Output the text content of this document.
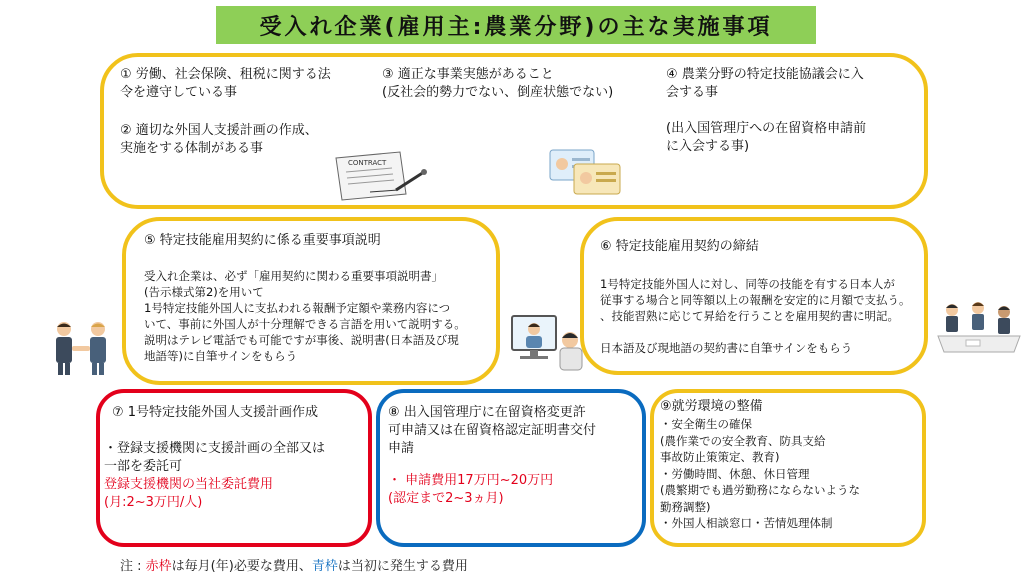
受入れ企業(雇用主:農業分野)の主な実施事項
① 労働、社会保険、租税に関する法
令を遵守している事
② 適切な外国人支援計画の作成、
実施をする体制がある事
③ 適正な事業実態があること
(反社会的勢力でない、倒産状態でない)
④ 農業分野の特定技能協議会に入
会する事
(出入国管理庁への在留資格申請前
に入会する事)
CONTRACT
⑤ 特定技能雇用契約に係る重要事項説明
受入れ企業は、必ず「雇用契約に関わる重要事項説明書」
(告示様式第2)を用いて
1号特定技能外国人に支払われる報酬予定額や業務内容につ
いて、事前に外国人が十分理解できる言語を用いて説明する。
説明はテレビ電話でも可能ですが事後、説明書(日本語及び現
地語等)に自筆サインをもらう
⑥ 特定技能雇用契約の締結
1号特定技能外国人に対し、同等の技能を有する日本人が
従事する場合と同等額以上の報酬を安定的に月額で支払う。
、技能習熟に応じて昇給を行うことを雇用契約書に明記。
日本語及び現地語の契約書に自筆サインをもらう
⑦ 1号特定技能外国人支援計画作成
・登録支援機関に支援計画の全部又は
一部を委託可
登録支援機関の当社委託費用
(月:2~3万円/人)
⑧ 出入国管理庁に在留資格変更許
可申請又は在留資格認定証明書交付
申請
・ 申請費用17万円~20万円
(認定まで2~3ヵ月)
⑨就労環境の整備
・安全衛生の確保
(農作業での安全教育、防具支給
事故防止策策定、教育)
・労働時間、休憩、休日管理
(農繁期でも過労勤務にならないような
勤務調整)
・外国人相談窓口・苦情処理体制
注 : 赤枠は毎月(年)必要な費用、青枠は当初に発生する費用
